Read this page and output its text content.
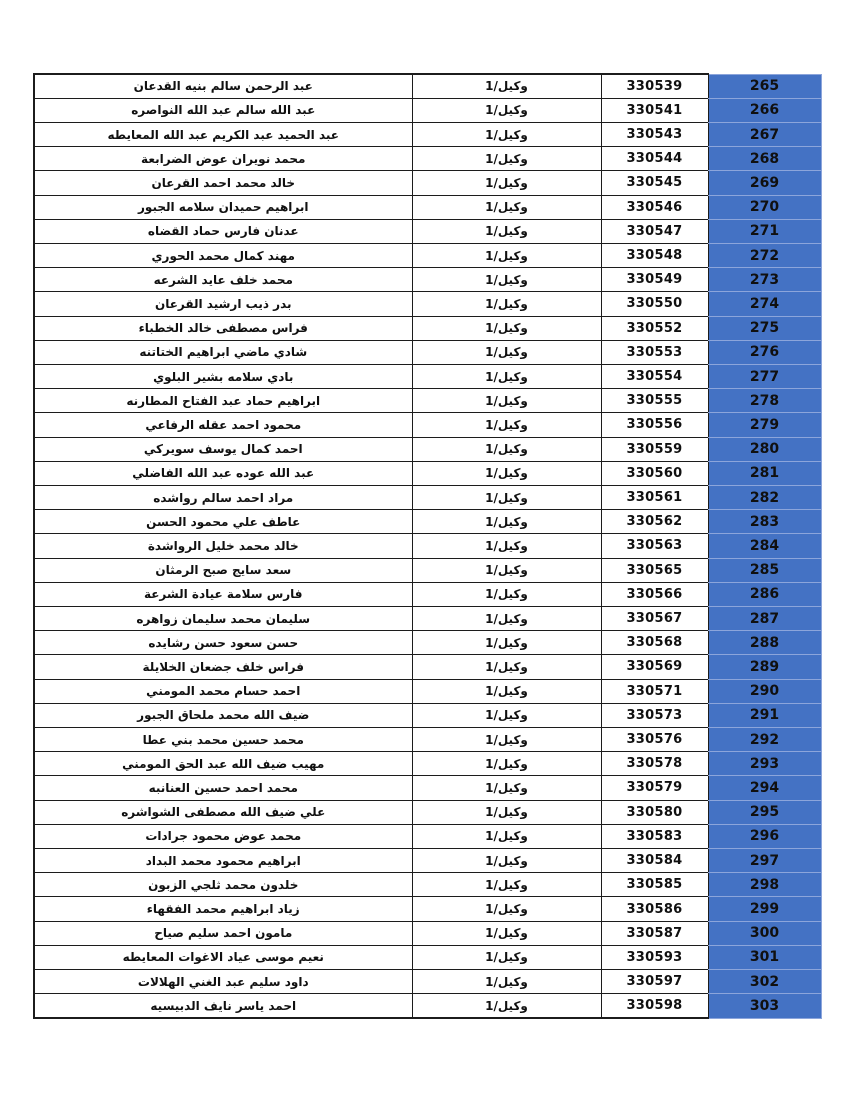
265	330539	وكيل/1	عبد الرحمن سالم بنيه القدعان
266	330541	وكيل/1	عبد الله سالم عبد الله النواصره
267	330543	وكيل/1	عبد الحميد عبد الكريم عبد الله المعايطه
268	330544	وكيل/1	محمد نويران عوض الضرابعة
269	330545	وكيل/1	خالد محمد احمد القرعان
270	330546	وكيل/1	ابراهيم حميدان سلامه الجبور
271	330547	وكيل/1	عدنان فارس حماد القضاه
272	330548	وكيل/1	مهند كمال محمد الحوري
273	330549	وكيل/1	محمد خلف عايد الشرعه
274	330550	وكيل/1	بدر ذيب ارشيد القرعان
275	330552	وكيل/1	فراس مصطفى خالد الخطباء
276	330553	وكيل/1	شادي ماضي ابراهيم الختاتنه
277	330554	وكيل/1	بادي سلامه بشير البلوي
278	330555	وكيل/1	ابراهيم حماد عبد الفتاح المطارنه
279	330556	وكيل/1	محمود احمد عقله الرفاعي
280	330559	وكيل/1	احمد كمال يوسف سويركي
281	330560	وكيل/1	عبد الله عوده عبد الله الفاضلي
282	330561	وكيل/1	مراد احمد سالم رواشده
283	330562	وكيل/1	عاطف علي محمود الحسن
284	330563	وكيل/1	خالد محمد خليل الرواشدة
285	330565	وكيل/1	سعد سايج صبح الرمثان
286	330566	وكيل/1	فارس سلامة عيادة الشرعة
287	330567	وكيل/1	سليمان محمد سليمان زواهره
288	330568	وكيل/1	حسن سعود حسن رشايده
289	330569	وكيل/1	فراس خلف جضعان الخلايلة
290	330571	وكيل/1	احمد حسام محمد المومني
291	330573	وكيل/1	ضيف الله محمد ملحاق الجبور
292	330576	وكيل/1	محمد حسين محمد بني عطا
293	330578	وكيل/1	مهيب ضيف الله عبد الحق المومني
294	330579	وكيل/1	محمد احمد حسين العنانبه
295	330580	وكيل/1	علي ضيف الله مصطفى الشواشره
296	330583	وكيل/1	محمد عوض محمود جرادات
297	330584	وكيل/1	ابراهيم محمود محمد البداد
298	330585	وكيل/1	خلدون محمد ثلجي الزبون
299	330586	وكيل/1	زياد ابراهيم محمد الفقهاء
300	330587	وكيل/1	مامون احمد سليم صياح
301	330593	وكيل/1	نعيم موسى عياد الاغوات المعايطه
302	330597	وكيل/1	داود سليم عبد الغني الهلالات
303	330598	وكيل/1	احمد ياسر نايف الدبيسيه
